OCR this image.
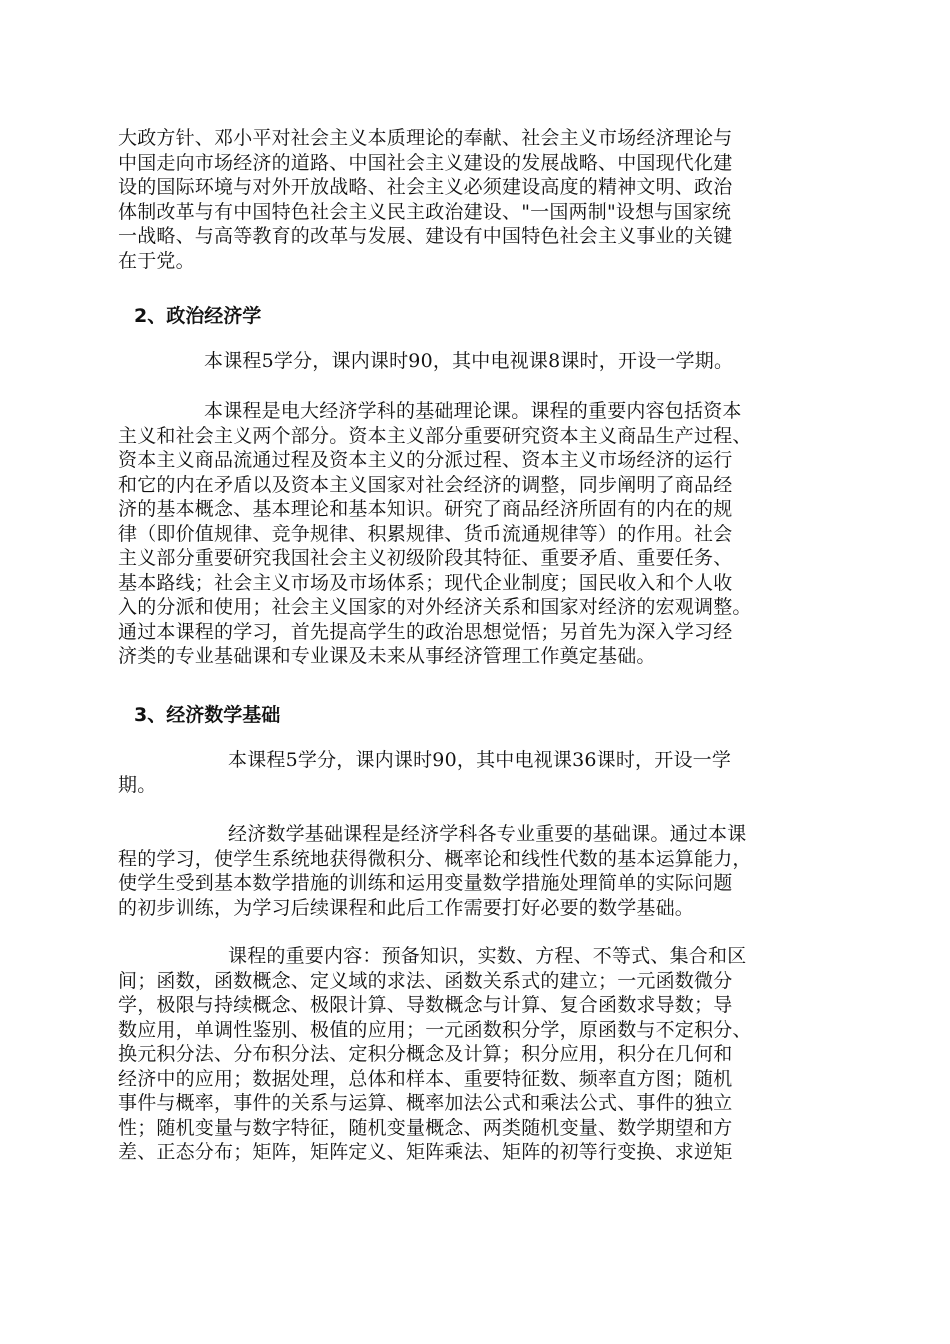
大政方针、邓小平对社会主义本质理论的奉献、社会主义市场经济理论与
中国走向市场经济的道路、中国社会主义建设的发展战略、中国现代化建
设的国际环境与对外开放战略、社会主义必须建设高度的精神文明、政治
体制改革与有中国特色社会主义民主政治建设、"一国两制"设想与国家统
一战略、与高等教育的改革与发展、建设有中国特色社会主义事业的关键
在于党。
2、政治经济学
本课程5学分，课内课时90，其中电视课8课时，开设一学期。
本课程是电大经济学科的基础理论课。课程的重要内容包括资本
主义和社会主义两个部分。资本主义部分重要研究资本主义商品生产过程、
资本主义商品流通过程及资本主义的分派过程、资本主义市场经济的运行
和它的内在矛盾以及资本主义国家对社会经济的调整，同步阐明了商品经
济的基本概念、基本理论和基本知识。研究了商品经济所固有的内在的规
律（即价值规律、竞争规律、积累规律、货币流通规律等）的作用。社会
主义部分重要研究我国社会主义初级阶段其特征、重要矛盾、重要任务、
基本路线；社会主义市场及市场体系；现代企业制度；国民收入和个人收
入的分派和使用；社会主义国家的对外经济关系和国家对经济的宏观调整。
通过本课程的学习，首先提高学生的政治思想觉悟；另首先为深入学习经
济类的专业基础课和专业课及未来从事经济管理工作奠定基础。
3、经济数学基础
本课程5学分，课内课时90，其中电视课36课时，开设一学
期。
经济数学基础课程是经济学科各专业重要的基础课。通过本课
程的学习，使学生系统地获得微积分、概率论和线性代数的基本运算能力，
使学生受到基本数学措施的训练和运用变量数学措施处理简单的实际问题
的初步训练，为学习后续课程和此后工作需要打好必要的数学基础。
课程的重要内容：预备知识，实数、方程、不等式、集合和区
间；函数，函数概念、定义域的求法、函数关系式的建立；一元函数微分
学，极限与持续概念、极限计算、导数概念与计算、复合函数求导数；导
数应用，单调性鉴别、极值的应用；一元函数积分学，原函数与不定积分、
换元积分法、分布积分法、定积分概念及计算；积分应用，积分在几何和
经济中的应用；数据处理，总体和样本、重要特征数、频率直方图；随机
事件与概率，事件的关系与运算、概率加法公式和乘法公式、事件的独立
性；随机变量与数字特征，随机变量概念、两类随机变量、数学期望和方
差、正态分布；矩阵，矩阵定义、矩阵乘法、矩阵的初等行变换、求逆矩
